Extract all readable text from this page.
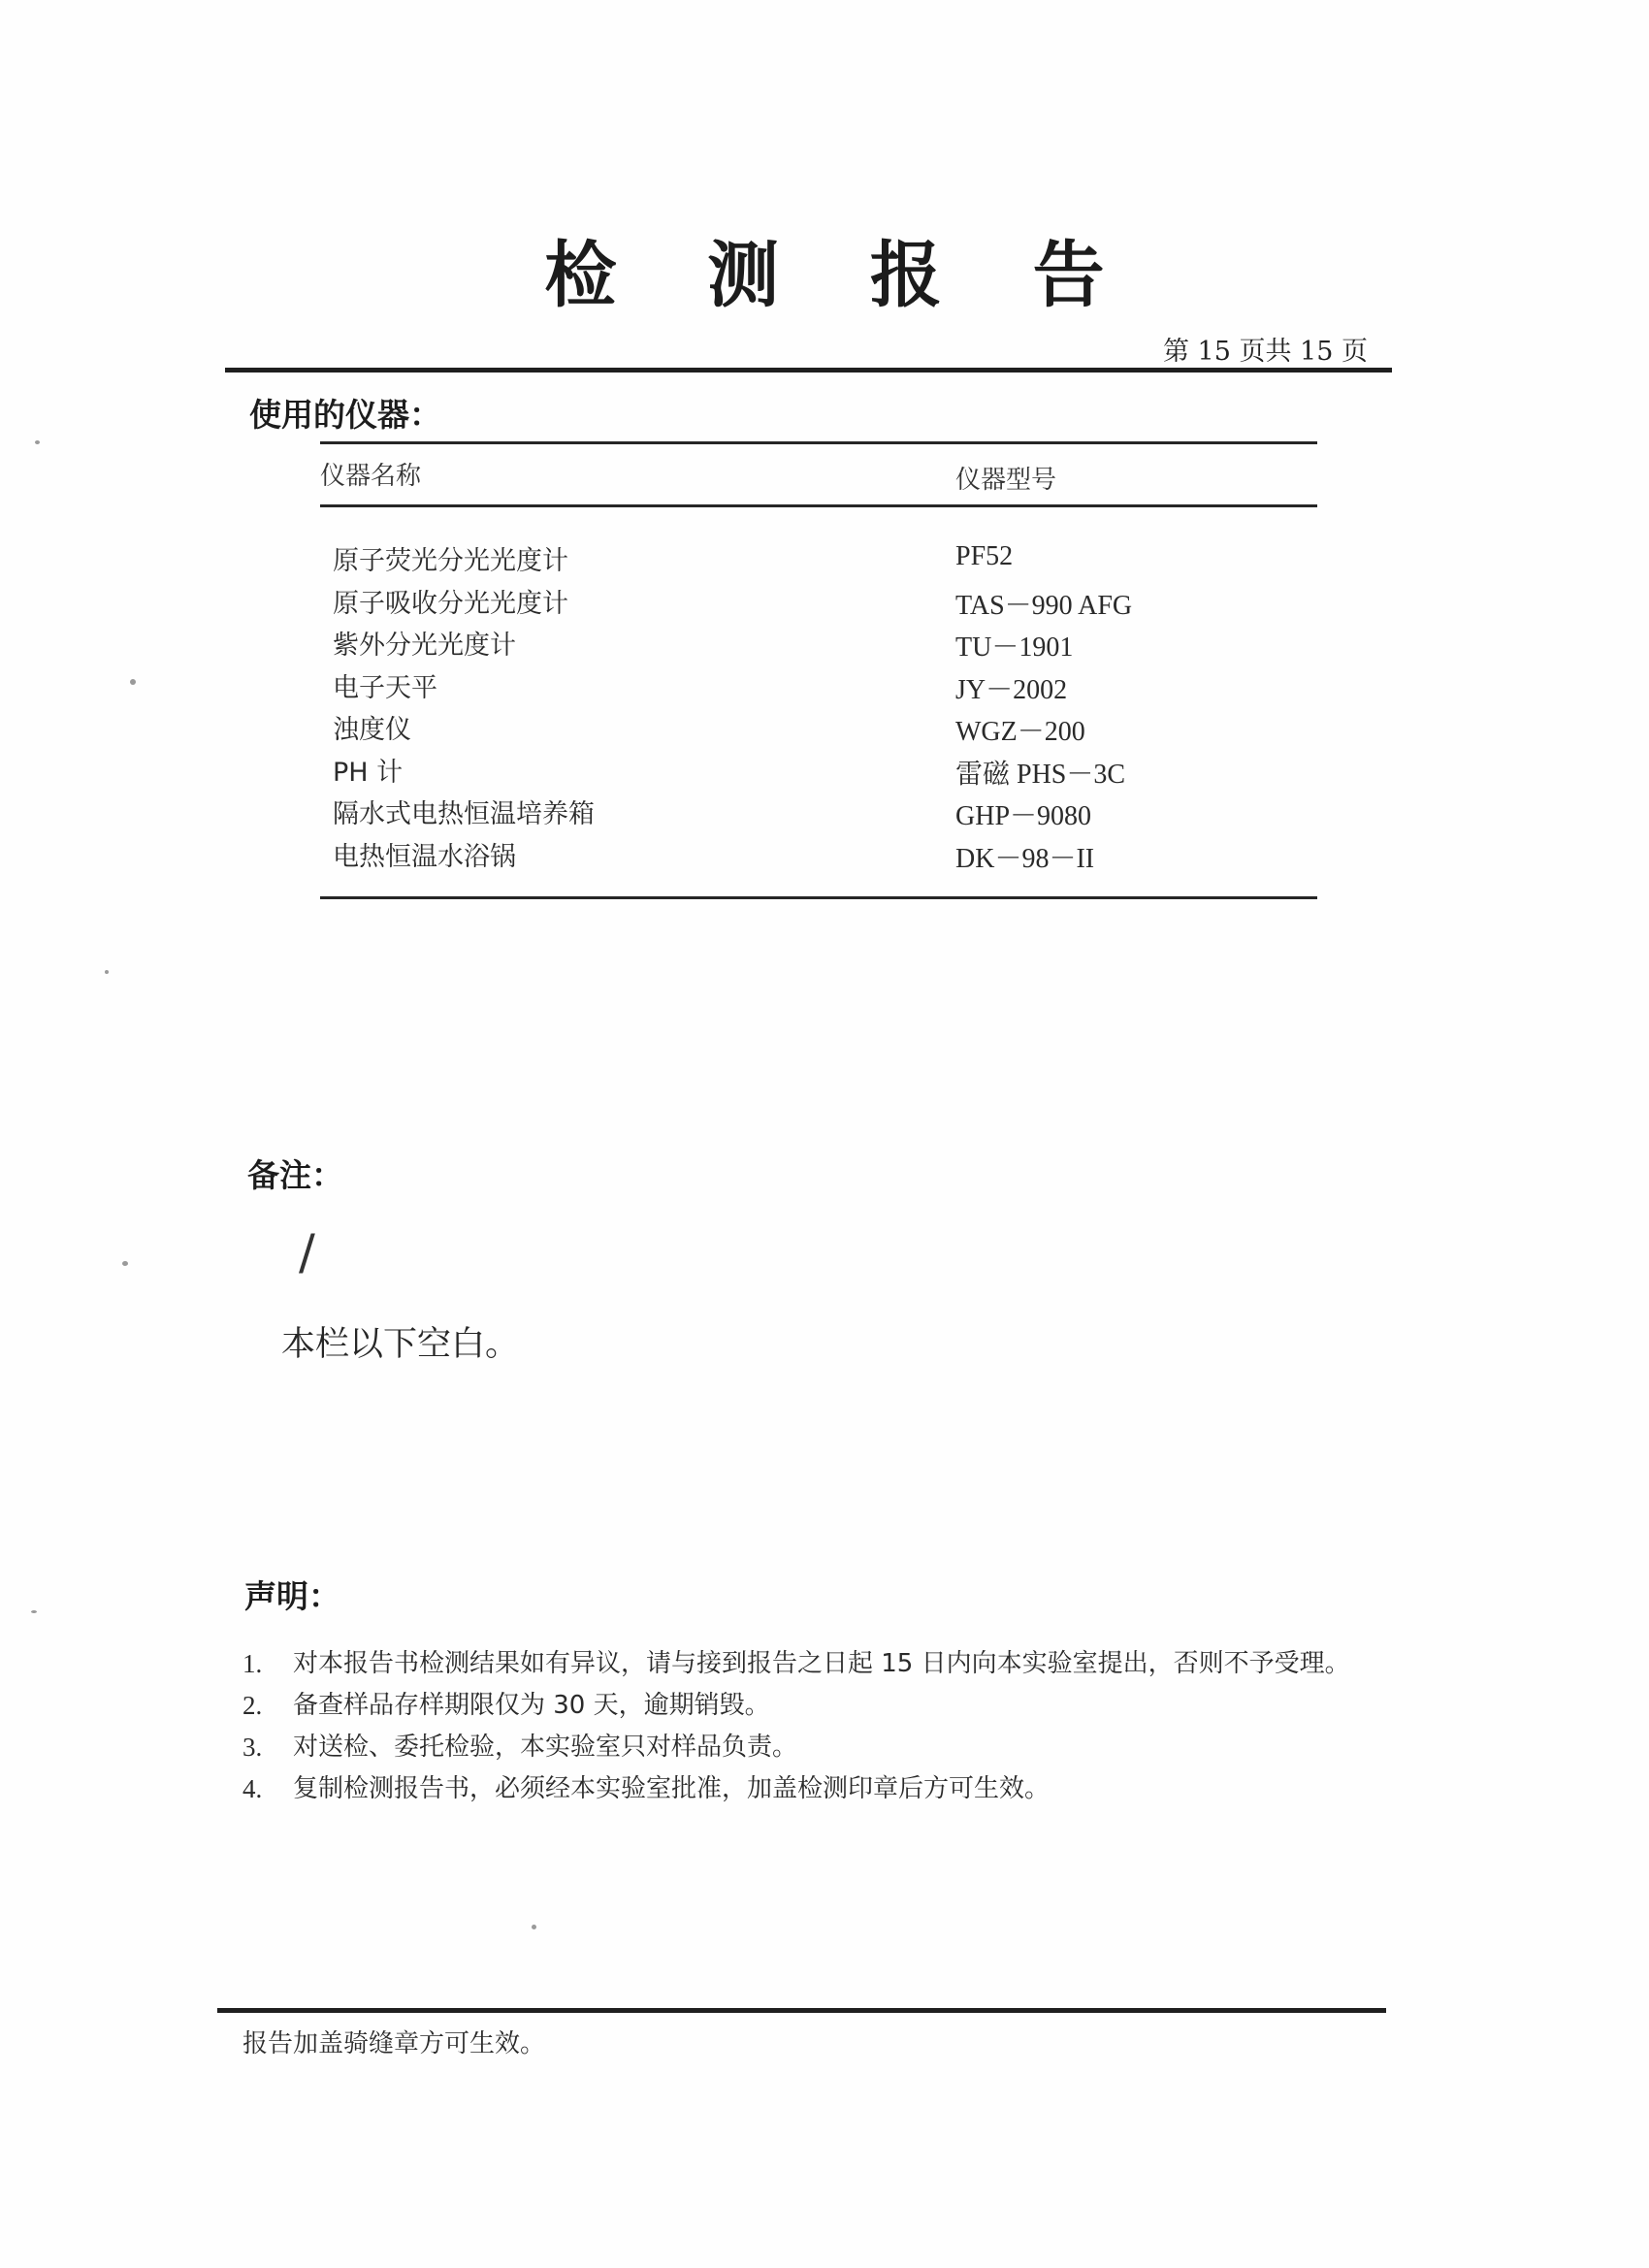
检 测 报 告
第 15 页共 15 页
使用的仪器：
仪器名称	仪器型号
原子荧光分光光度计	PF52
原子吸收分光光度计	TAS－990 AFG
紫外分光光度计	TU－1901
电子天平	JY－2002
浊度仪	WGZ－200
PH 计	雷磁 PHS－3C
隔水式电热恒温培养箱	GHP－9080
电热恒温水浴锅	DK－98－II
备注：
/
本栏以下空白。
声明：
1. 对本报告书检测结果如有异议，请与接到报告之日起 15 日内向本实验室提出，否则不予受理。
2. 备查样品存样期限仅为 30 天，逾期销毁。
3. 对送检、委托检验，本实验室只对样品负责。
4. 复制检测报告书，必须经本实验室批准，加盖检测印章后方可生效。
报告加盖骑缝章方可生效。
